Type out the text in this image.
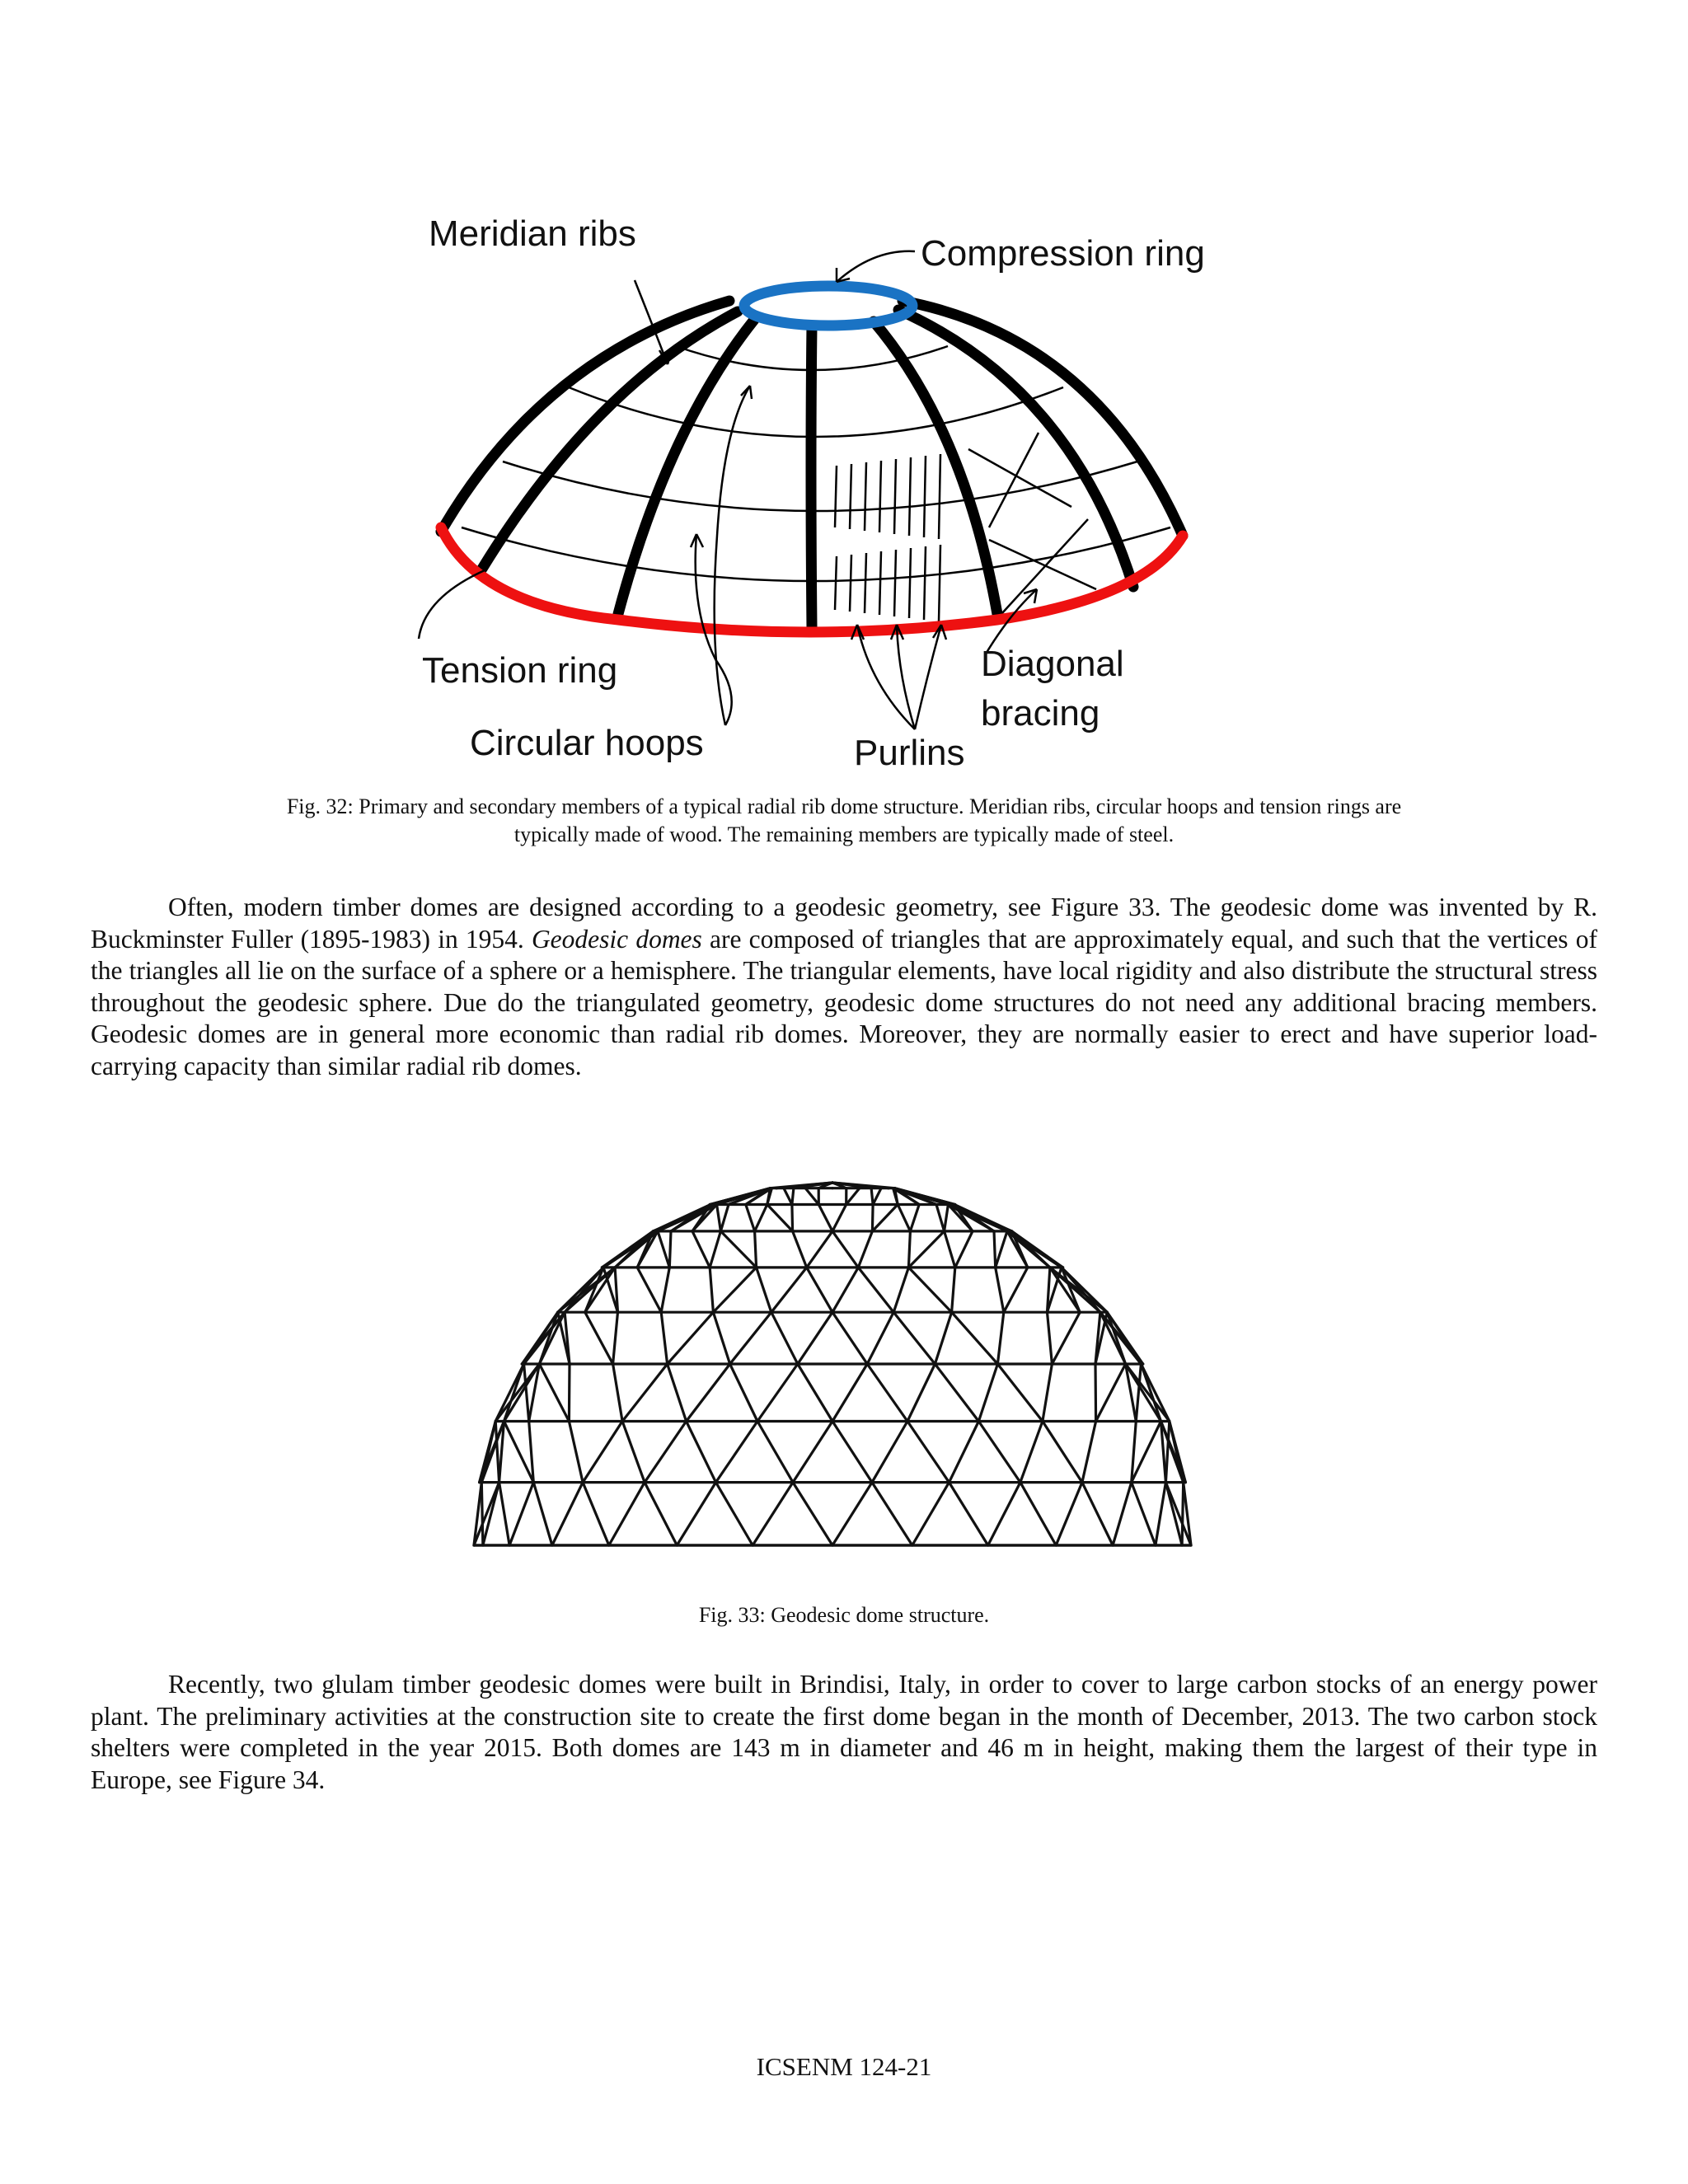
Meridian ribs	Compression ring
Tension ring
Circular hoops	Purlins
Diagonal
bracing
Fig. 32: Primary and secondary members of a typical radial rib dome structure. Meridian ribs, circular hoops and tension rings are
typically made of wood. The remaining members are typically made of steel.

Often, modern timber domes are designed according to a geodesic geometry, see Figure 33. The geodesic dome was invented by R. Buckminster Fuller (1895-1983) in 1954. Geodesic domes are composed of triangles that are approximately equal, and such that the vertices of the triangles all lie on the surface of a sphere or a hemisphere. The triangular elements, have local rigidity and also distribute the structural stress throughout the geodesic sphere. Due do the triangulated geometry, geodesic dome structures do not need any additional bracing members. Geodesic domes are in general more economic than radial rib domes. Moreover, they are normally easier to erect and have superior load-carrying capacity than similar radial rib domes.

Fig. 33: Geodesic dome structure.

Recently, two glulam timber geodesic domes were built in Brindisi, Italy, in order to cover to large carbon stocks of an energy power plant. The preliminary activities at the construction site to create the first dome began in the month of December, 2013. The two carbon stock shelters were completed in the year 2015. Both domes are 143 m in diameter and 46 m in height, making them the largest of their type in Europe, see Figure 34.

ICSENM 124-21
